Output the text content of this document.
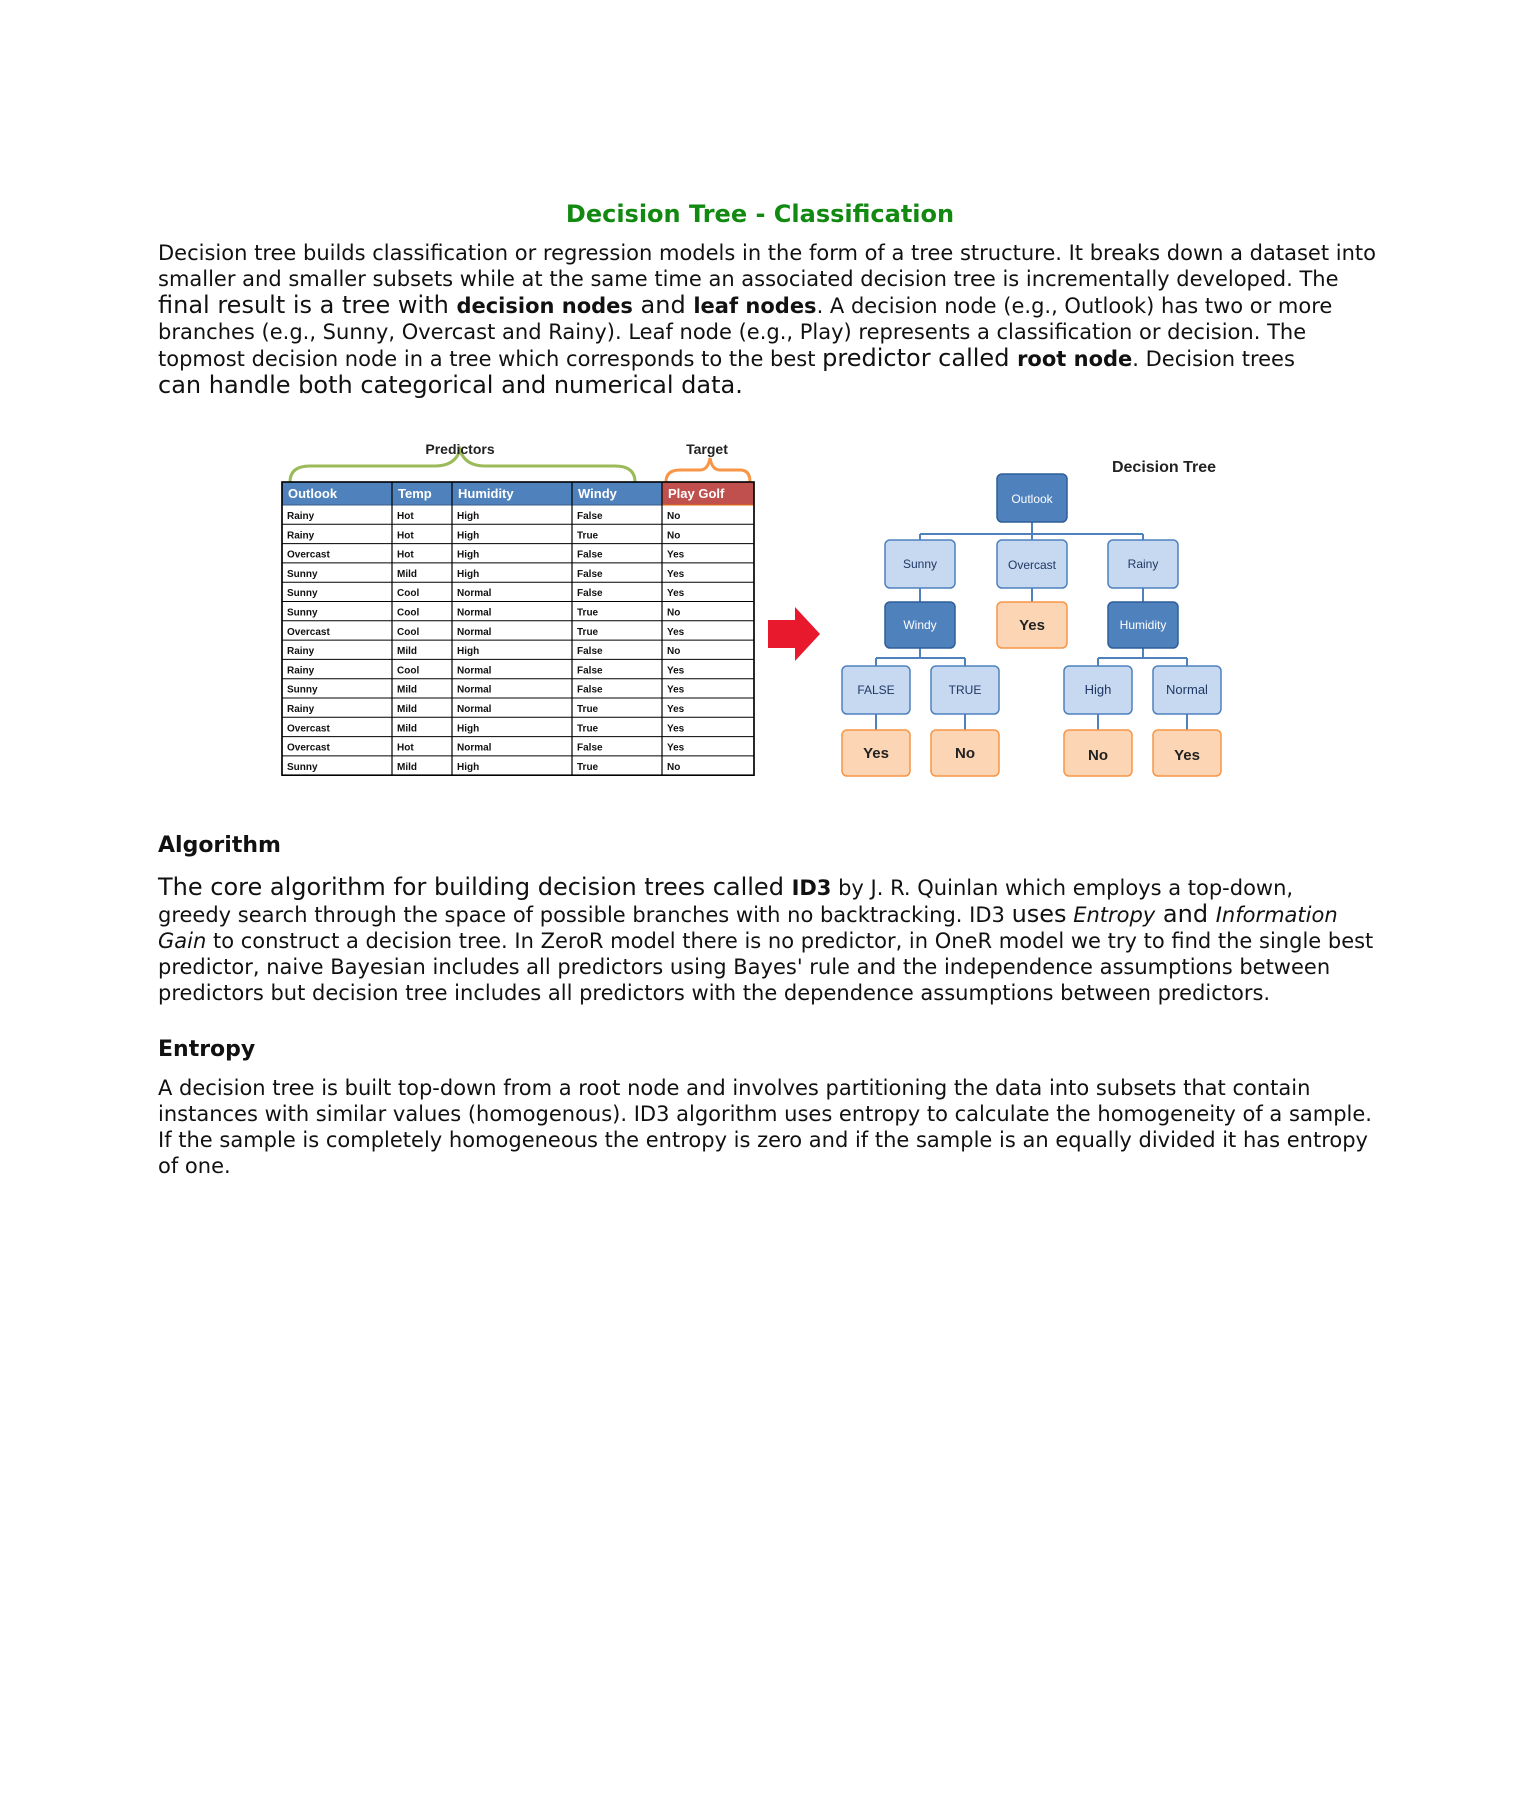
Decision Tree - Classification
Decision tree builds classification or regression models in the form of a tree structure. It breaks down a dataset into
smaller and smaller subsets while at the same time an associated decision tree is incrementally developed. The
final result is a tree with decision nodes and leaf nodes. A decision node (e.g., Outlook) has two or more
branches (e.g., Sunny, Overcast and Rainy). Leaf node (e.g., Play) represents a classification or decision. The
topmost decision node in a tree which corresponds to the best predictor called root node. Decision trees
can handle both categorical and numerical data.
Predictors	Target
Outlook	Temp Humidity	Windy	Play Golf
Rainy	Hot	High	False	No
Rainy	Hot	High	True	No
Overcast	Hot	High	False	Yes
Sunny	Mild	High	False	Yes
Sunny	Cool	Normal	False	Yes
Sunny	Cool	Normal	True	No
Overcast	Cool	Normal	True	Yes
Rainy	Mild	High	False	No
Rainy	Cool	Normal	False	Yes
Sunny	Mild	Normal	False	Yes
Rainy	Mild	Normal	True	Yes
Overcast	Mild	High	True	Yes
Overcast	Hot	Normal	False	Yes
Sunny	Mild	High	True	No
Decision Tree
Outlook
Sunny	Overcast	Rainy
Windy	Yes	Humidity
FALSE	TRUE	High	Normal
Yes	No	No	Yes
Algorithm
The core algorithm for building decision trees called ID3 by J. R. Quinlan which employs a top-down,
greedy search through the space of possible branches with no backtracking. ID3 uses Entropy and Information
Gain to construct a decision tree. In ZeroR model there is no predictor, in OneR model we try to find the single best
predictor, naive Bayesian includes all predictors using Bayes' rule and the independence assumptions between
predictors but decision tree includes all predictors with the dependence assumptions between predictors.
Entropy
A decision tree is built top-down from a root node and involves partitioning the data into subsets that contain
instances with similar values (homogenous). ID3 algorithm uses entropy to calculate the homogeneity of a sample.
If the sample is completely homogeneous the entropy is zero and if the sample is an equally divided it has entropy
of one.
